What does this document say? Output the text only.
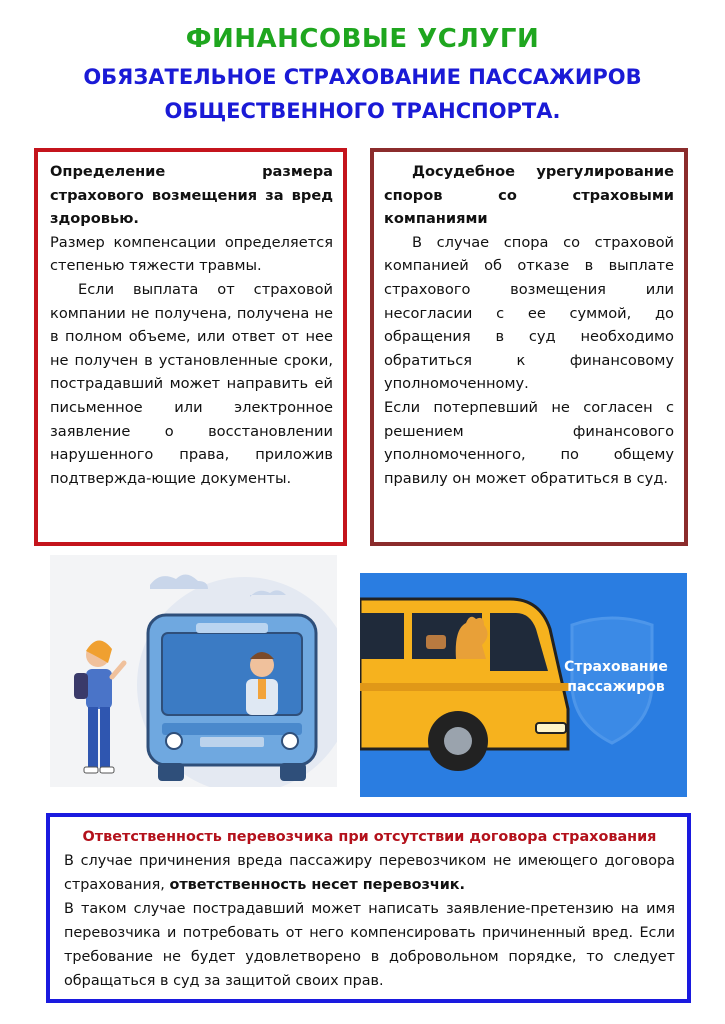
ФИНАНСОВЫЕ УСЛУГИ
ОБЯЗАТЕЛЬНОЕ СТРАХОВАНИЕ ПАССАЖИРОВ
ОБЩЕСТВЕННОГО ТРАНСПОРТА.

Определение размера страхового возмещения за вред здоровью.

Размер компенсации определяется степенью тяжести травмы.

Если выплата от страховой компании не получена, получена не в полном объеме, или ответ от нее не получен в установленные сроки, пострадавший может направить ей письменное или электронное заявление о восстановлении нарушенного права, приложив подтвержда-ющие документы.

Досудебное урегулирование споров со страховыми компаниями

В случае спора со страховой компанией об отказе в выплате страхового возмещения или несогласии с ее суммой, до обращения в суд необходимо обратиться к финансовому уполномоченному.

Если потерпевший не согласен с решением финансового уполномоченного, по общему правилу он может обратиться в суд.

Страхование
пассажиров

Ответственность перевозчика при отсутствии договора страхования

В случае причинения вреда пассажиру перевозчиком не имеющего договора страхования, ответственность несет перевозчик.

В таком случае пострадавший может написать заявление-претензию на имя перевозчика и потребовать от него компенсировать причиненный вред. Если требование не будет удовлетворено в добровольном порядке, то следует обращаться в суд за защитой своих прав.
